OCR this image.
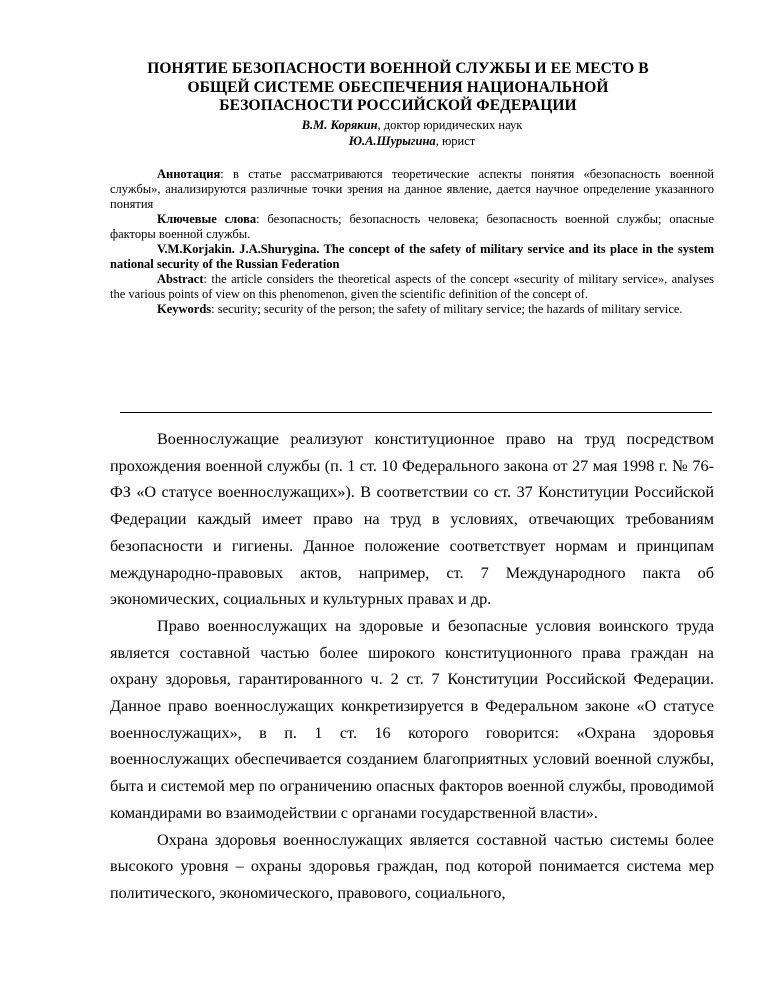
ПОНЯТИЕ БЕЗОПАСНОСТИ ВОЕННОЙ СЛУЖБЫ И ЕЕ МЕСТО В ОБЩЕЙ СИСТЕМЕ ОБЕСПЕЧЕНИЯ НАЦИОНАЛЬНОЙ БЕЗОПАСНОСТИ РОССИЙСКОЙ ФЕДЕРАЦИИ
В.М. Корякин, доктор юридических наук
Ю.А.Шурыгина, юрист

Аннотация: в статье рассматриваются теоретические аспекты понятия «безопасность военной службы», анализируются различные точки зрения на данное явление, дается научное определение указанного понятия

Ключевые слова: безопасность; безопасность человека; безопасность военной службы; опасные факторы военной службы.

V.M.Korjakin. J.A.Shurygina. The concept of the safety of military service and its place in the system national security of the Russian Federation

Abstract: the article considers the theoretical aspects of the concept «security of military service», analyses the various points of view on this phenomenon, given the scientific definition of the concept of.

Keywords: security; security of the person; the safety of military service; the hazards of military service.

Военнослужащие реализуют конституционное право на труд посредством прохождения военной службы (п. 1 ст. 10 Федерального закона от 27 мая 1998 г. № 76-ФЗ «О статусе военнослужащих»). В соответствии со ст. 37 Конституции Российской Федерации каждый имеет право на труд в условиях, отвечающих требованиям безопасности и гигиены. Данное положение соответствует нормам и принципам международно-правовых актов, например, ст. 7 Международного пакта об экономических, социальных и культурных правах и др.

Право военнослужащих на здоровые и безопасные условия воинского труда является составной частью более широкого конституционного права граждан на охрану здоровья, гарантированного ч. 2 ст. 7 Конституции Российской Федерации. Данное право военнослужащих конкретизируется в Федеральном законе «О статусе военнослужащих», в п. 1 ст. 16 которого говорится: «Охрана здоровья военнослужащих обеспечивается созданием благоприятных условий военной службы, быта и системой мер по ограничению опасных факторов военной службы, проводимой командирами во взаимодействии с органами государственной власти».

Охрана здоровья военнослужащих является составной частью системы более высокого уровня – охраны здоровья граждан, под которой понимается система мер политического, экономического, правового, социального,
